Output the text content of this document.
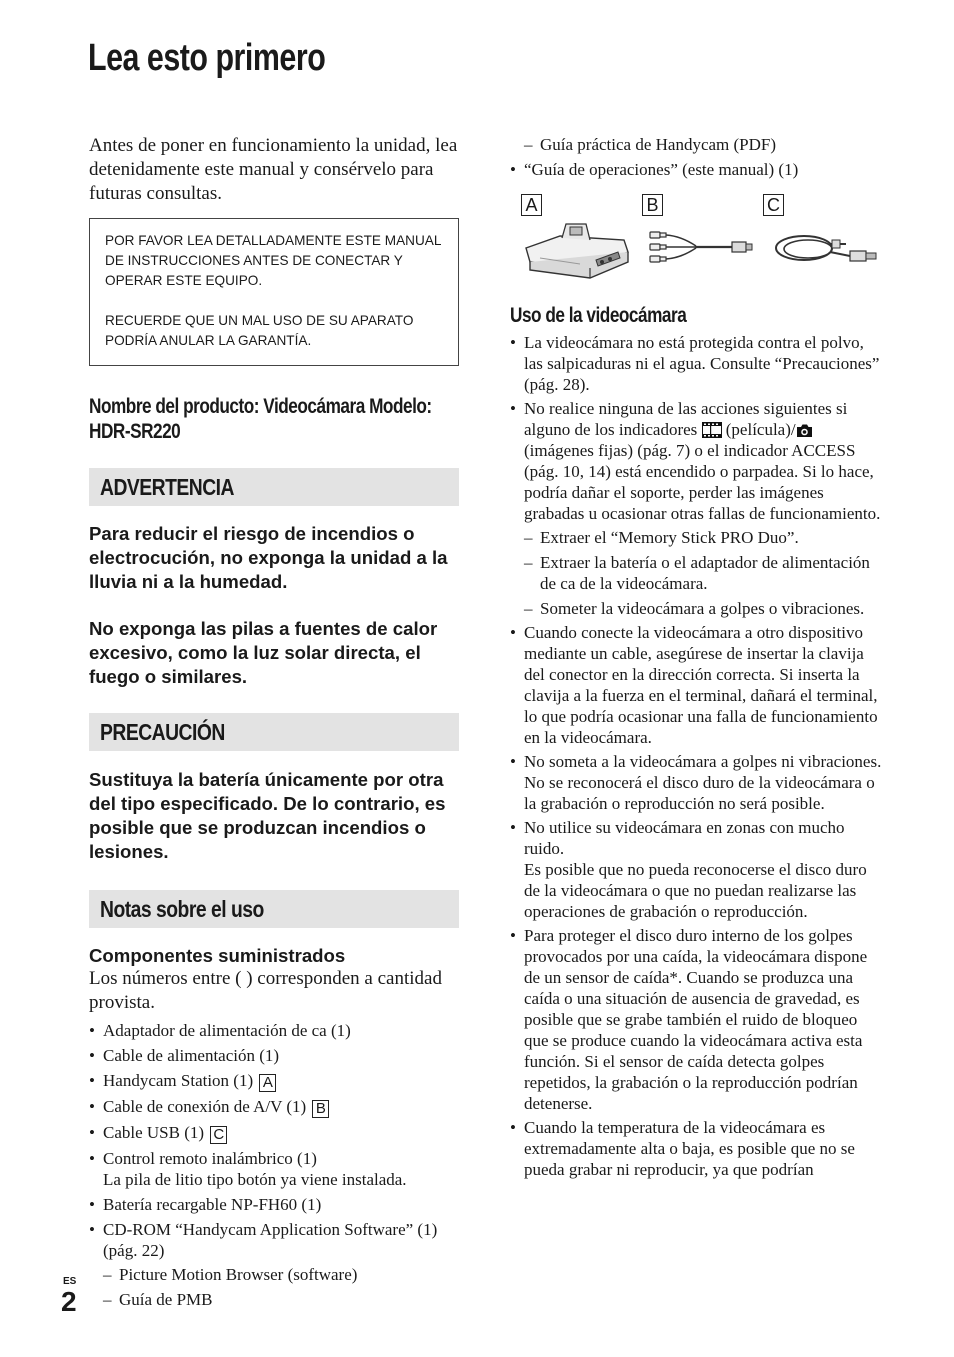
Lea esto primero

Antes de poner en funcionamiento la unidad, lea detenidamente este manual y consérvelo para futuras consultas.

POR FAVOR LEA DETALLADAMENTE ESTE MANUAL DE INSTRUCCIONES ANTES DE CONECTAR Y OPERAR ESTE EQUIPO.

RECUERDE QUE UN MAL USO DE SU APARATO PODRÍA ANULAR LA GARANTÍA.

Nombre del producto: Videocámara Modelo:
HDR-SR220
ADVERTENCIA

Para reducir el riesgo de incendios o electrocución, no exponga la unidad a la lluvia ni a la humedad.

No exponga las pilas a fuentes de calor excesivo, como la luz solar directa, el fuego o similares.

PRECAUCIÓN

Sustituya la batería únicamente por otra del tipo especificado. De lo contrario, es posible que se produzcan incendios o lesiones.

Notas sobre el uso
Componentes suministrados
Los números entre ( ) corresponden a cantidad provista.
• Adaptador de alimentación de ca (1)
• Cable de alimentación (1)
• Handycam Station (1) A
• Cable de conexión de A/V (1) B
• Cable USB (1) C
• Control remoto inalámbrico (1)
La pila de litio tipo botón ya viene instalada.
• Batería recargable NP-FH60 (1)
• CD-ROM “Handycam Application Software” (1) (pág. 22)
– Picture Motion Browser (software)
– Guía de PMB
– Guía práctica de Handycam (PDF)
• “Guía de operaciones” (este manual) (1)
A	B	C
Uso de la videocámara
• La videocámara no está protegida contra el polvo, las salpicaduras ni el agua. Consulte “Precauciones” (pág. 28).
• No realice ninguna de las acciones siguientes si alguno de los indicadores (película)/ (imágenes fijas) (pág. 7) o el indicador ACCESS (pág. 10, 14) está encendido o parpadea. Si lo hace, podría dañar el soporte, perder las imágenes grabadas u ocasionar otras fallas de funcionamiento.
– Extraer el “Memory Stick PRO Duo”.
– Extraer la batería o el adaptador de alimentación de ca de la videocámara.
– Someter la videocámara a golpes o vibraciones.
• Cuando conecte la videocámara a otro dispositivo mediante un cable, asegúrese de insertar la clavija del conector en la dirección correcta. Si inserta la clavija a la fuerza en el terminal, dañará el terminal, lo que podría ocasionar una falla de funcionamiento en la videocámara.
• No someta a la videocámara a golpes ni vibraciones. No se reconocerá el disco duro de la videocámara o la grabación o reproducción no será posible.
• No utilice su videocámara en zonas con mucho ruido.
Es posible que no pueda reconocerse el disco duro de la videocámara o que no puedan realizarse las operaciones de grabación o reproducción.
• Para proteger el disco duro interno de los golpes provocados por una caída, la videocámara dispone de un sensor de caída*. Cuando se produzca una caída o una situación de ausencia de gravedad, es posible que se grabe también el ruido de bloqueo que se produce cuando la videocámara activa esta función. Si el sensor de caída detecta golpes repetidos, la grabación o la reproducción podrían detenerse.
• Cuando la temperatura de la videocámara es extremadamente alta o baja, es posible que no se pueda grabar ni reproducir, ya que podrían
ES
2
